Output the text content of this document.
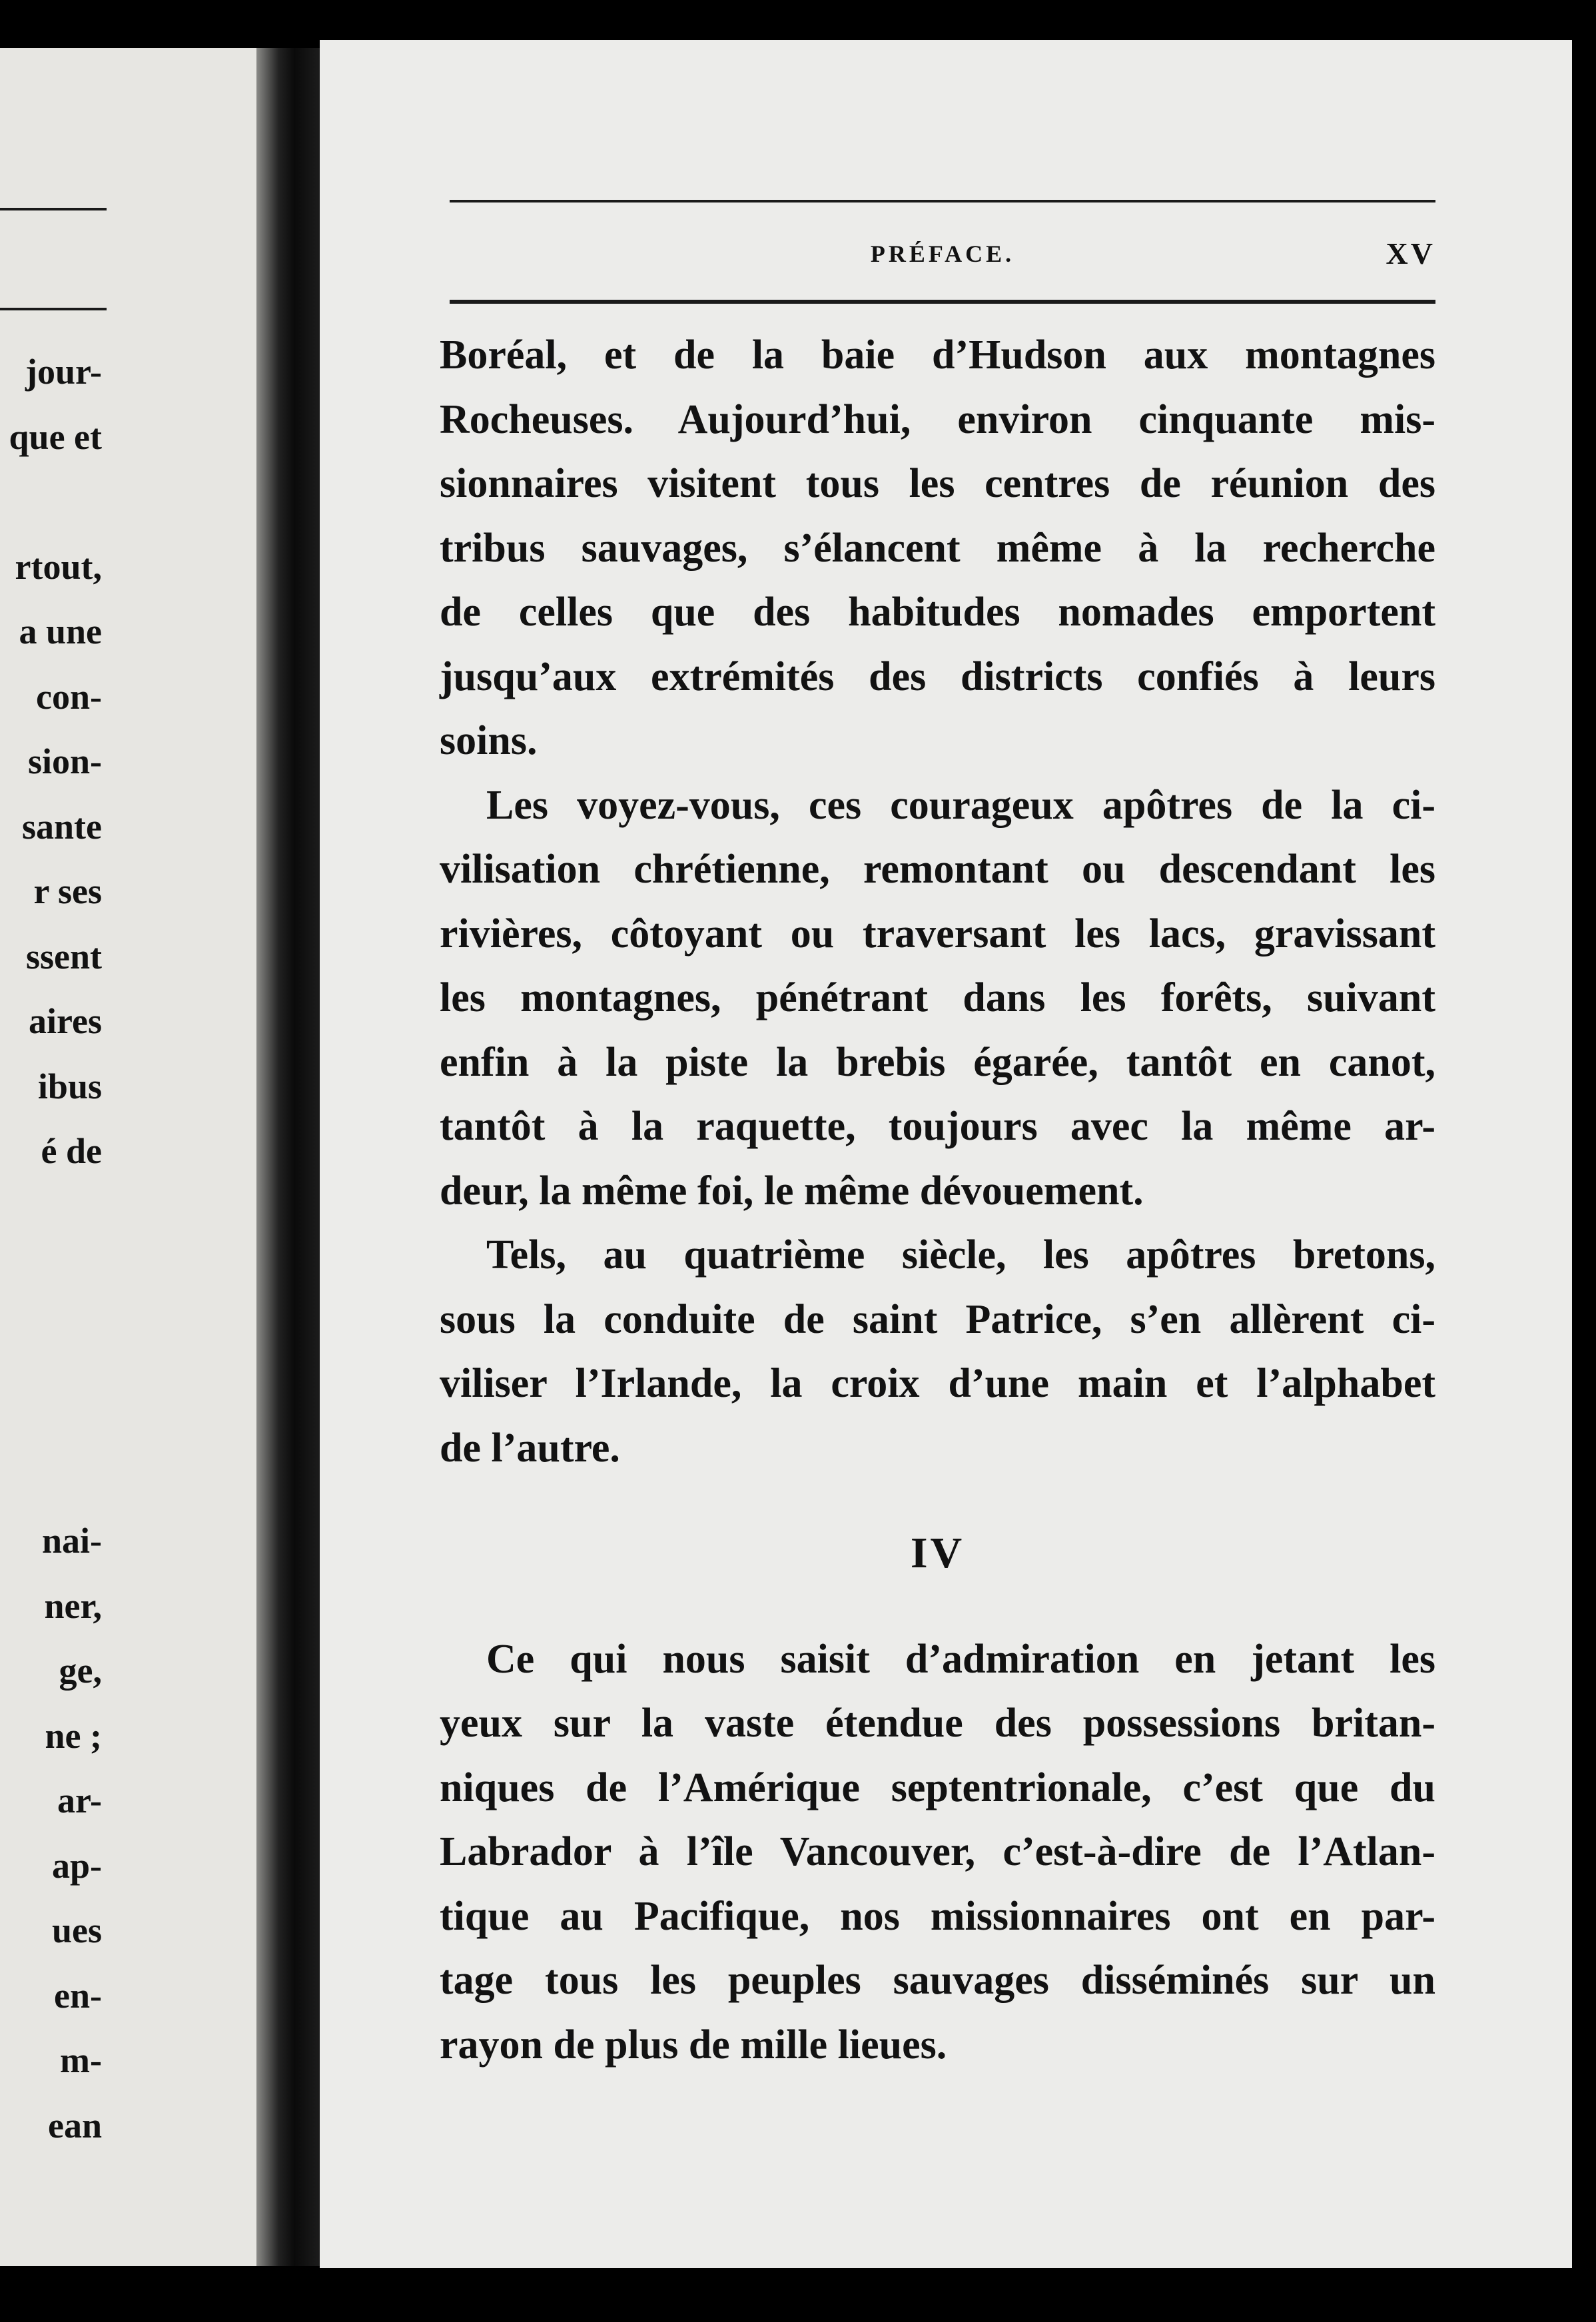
jour-
que et

rtout,
a une
con-
sion-
sante
r ses
ssent
aires
ibus
é de

nai-
ner,
ge,
ne ;
ar-
ap-
ues
en-
m-
ean
PRÉFACE.	XV

Boréal, et de la baie d’Hudson aux montagnes
Rocheuses. Aujourd’hui, environ cinquante mis-
sionnaires visitent tous les centres de réunion des
tribus sauvages, s’élancent même à la recherche
de celles que des habitudes nomades emportent
jusqu’aux extrémités des districts confiés à leurs
soins.

Les voyez-vous, ces courageux apôtres de la ci-
vilisation chrétienne, remontant ou descendant les
rivières, côtoyant ou traversant les lacs, gravissant
les montagnes, pénétrant dans les forêts, suivant
enfin à la piste la brebis égarée, tantôt en canot,
tantôt à la raquette, toujours avec la même ar-
deur, la même foi, le même dévouement.

Tels, au quatrième siècle, les apôtres bretons,
sous la conduite de saint Patrice, s’en allèrent ci-
viliser l’Irlande, la croix d’une main et l’alphabet
de l’autre.

IV

Ce qui nous saisit d’admiration en jetant les
yeux sur la vaste étendue des possessions britan-
niques de l’Amérique septentrionale, c’est que du
Labrador à l’île Vancouver, c’est-à-dire de l’Atlan-
tique au Pacifique, nos missionnaires ont en par-
tage tous les peuples sauvages disséminés sur un
rayon de plus de mille lieues.
